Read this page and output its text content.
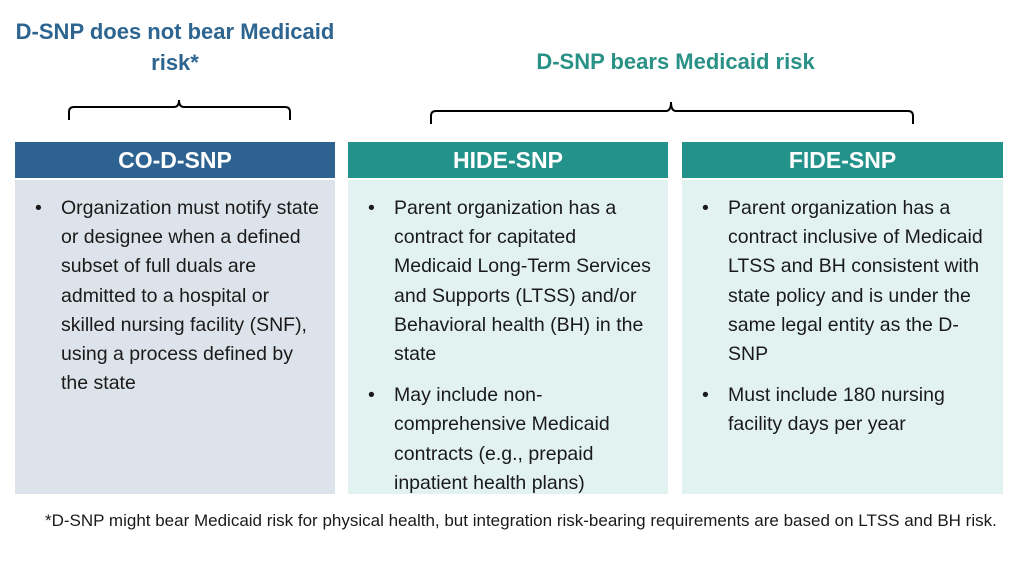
D-SNP does not bear Medicaid risk*	D-SNP bears Medicaid risk
CO-D-SNP
• Organization must notify state or designee when a defined subset of full duals are admitted to a hospital or skilled nursing facility (SNF), using a process defined by the state
HIDE-SNP
• Parent organization has a contract for capitated Medicaid Long-Term Services and Supports (LTSS) and/or Behavioral health (BH) in the state
• May include non-comprehensive Medicaid contracts (e.g., prepaid inpatient health plans)
FIDE-SNP
• Parent organization has a contract inclusive of Medicaid LTSS and BH consistent with state policy and is under the same legal entity as the D-SNP
• Must include 180 nursing facility days per year
*D-SNP might bear Medicaid risk for physical health, but integration risk-bearing requirements are based on LTSS and BH risk.
